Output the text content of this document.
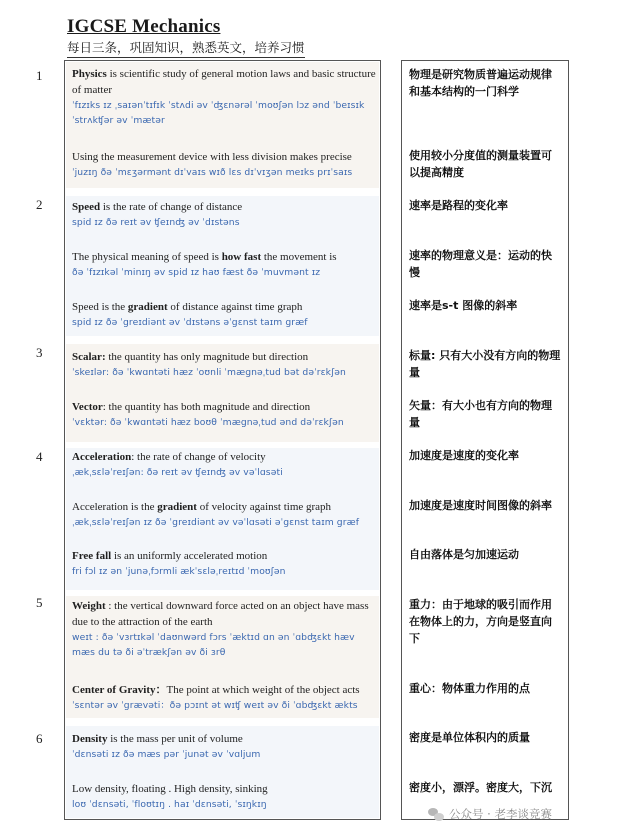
IGCSE Mechanics
每日三条，巩固知识，熟悉英文，培养习惯
1
2
3
4
5
6
Physics is scientific study of general motion laws and basic structure of matter
ˈfɪzɪks ɪz ˌsaɪənˈtɪfɪk ˈstʌdi əv ˈʤɛnərəl ˈmoʊʃən lɔz ənd ˈbeɪsɪk ˈstrʌkʧər əv ˈmætər
物理是研究物质普遍运动规律和基本结构的一门科学
Using the measurement device with less division makes precise
ˈjuzɪŋ ðə ˈmɛʒərmənt dɪˈvaɪs wɪð lɛs dɪˈvɪʒən meɪks prɪˈsaɪs
使用较小分度值的测量装置可以提高精度
Speed is the rate of change of distance
spid ɪz ðə reɪt əv ʧeɪnʤ əv ˈdɪstəns
速率是路程的变化率
The physical meaning of speed is how fast the movement is
ðə ˈfɪzɪkəl ˈminɪŋ əv spid ɪz haʊ fæst ðə ˈmuvmənt ɪz
速率的物理意义是：运动的快慢
Speed is the gradient of distance against time graph
spid ɪz ðə ˈgreɪdiənt əv ˈdɪstəns əˈgɛnst taɪm græf
速率是s-t 图像的斜率
Scalar: the quantity has only magnitude but direction
ˈskeɪlər: ðə ˈkwɑntəti hæz ˈoʊnli ˈmægnəˌtud bət dəˈrɛkʃən
标量: 只有大小没有方向的物理量
Vector: the quantity has both magnitude and direction
ˈvɛktər: ðə ˈkwɑntəti hæz boʊθ ˈmægnəˌtud ənd dəˈrɛkʃən
矢量：有大小也有方向的物理量
Acceleration: the rate of change of velocity
ˌækˌsɛləˈreɪʃən: ðə reɪt əv ʧeɪnʤ əv vəˈlɑsəti
加速度是速度的变化率
Acceleration is the gradient of velocity against time graph
ˌækˌsɛləˈreɪʃən ɪz ðə ˈgreɪdiənt əv vəˈlɑsəti əˈgɛnst taɪm græf
加速度是速度时间图像的斜率
Free fall is an uniformly accelerated motion
fri fɔl ɪz ən ˈjunəˌfɔrmli ækˈsɛləˌreɪtɪd ˈmoʊʃən
自由落体是匀加速运动
Weight : the vertical downward force acted on an object have mass due to the attraction of the earth
weɪt : ðə ˈvɜrtɪkəl ˈdaʊnwərd fɔrs ˈæktɪd ɑn ən ˈɑbʤɛkt hæv mæs du tə ði əˈtrækʃən əv ði ɜrθ
重力：由于地球的吸引而作用在物体上的力，方向是竖直向下
Center of Gravity：The point at which weight of the object acts
ˈsɛntər əv ˈgrævəti：ðə pɔɪnt ət wɪʧ weɪt əv ði ˈɑbʤɛkt ækts
重心：物体重力作用的点
Density is the mass per unit of volume
ˈdɛnsəti ɪz ðə mæs pər ˈjunət əv ˈvɑljum
密度是单位体积内的质量
Low density, floating . High density, sinking
loʊ ˈdɛnsəti, ˈfloʊtɪŋ . haɪ ˈdɛnsəti, ˈsɪŋkɪŋ
密度小，漂浮。密度大，下沉
公众号 · 老李谈竞赛
